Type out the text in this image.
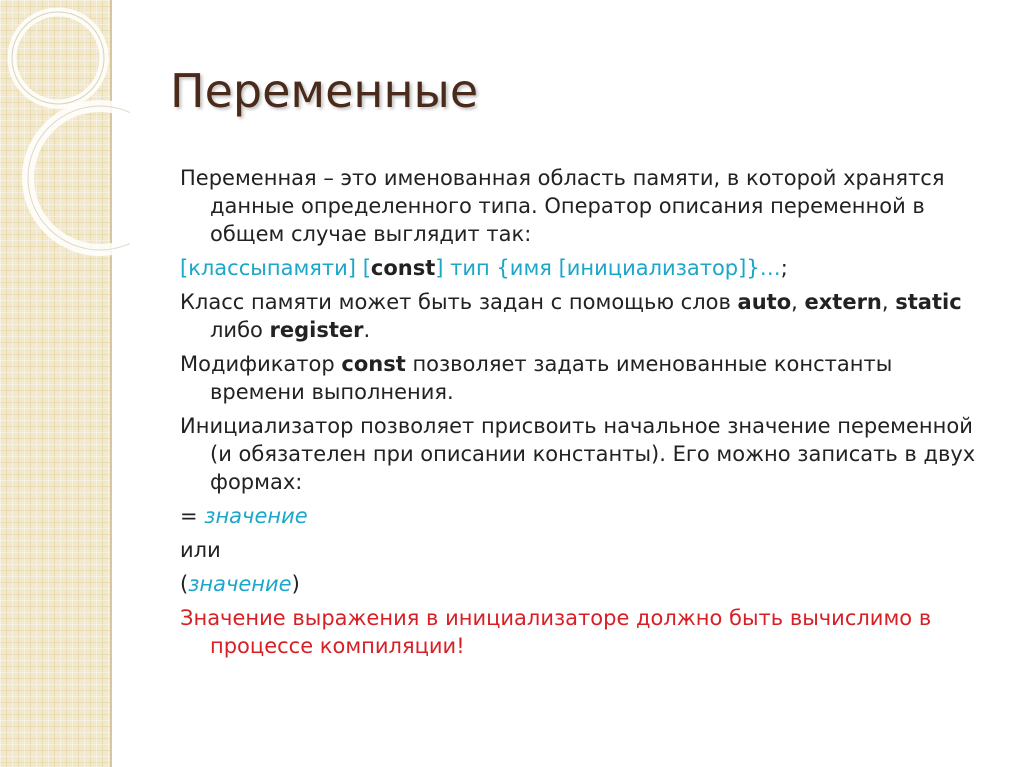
Переменные

Переменная – это именованная область памяти, в которой хранятся данные определенного типа. Оператор описания переменной в общем случае выглядит так:

[классыпамяти] [const] тип {имя [инициализатор]}…;

Класс памяти может быть задан с помощью слов auto, extern, static либо register.

Модификатор const позволяет задать именованные константы времени выполнения.

Инициализатор позволяет присвоить начальное значение переменной (и обязателен при описании константы). Его можно записать в двух формах:

= значение

или

(значение)

Значение выражения в инициализаторе должно быть вычислимо в процессе компиляции!
